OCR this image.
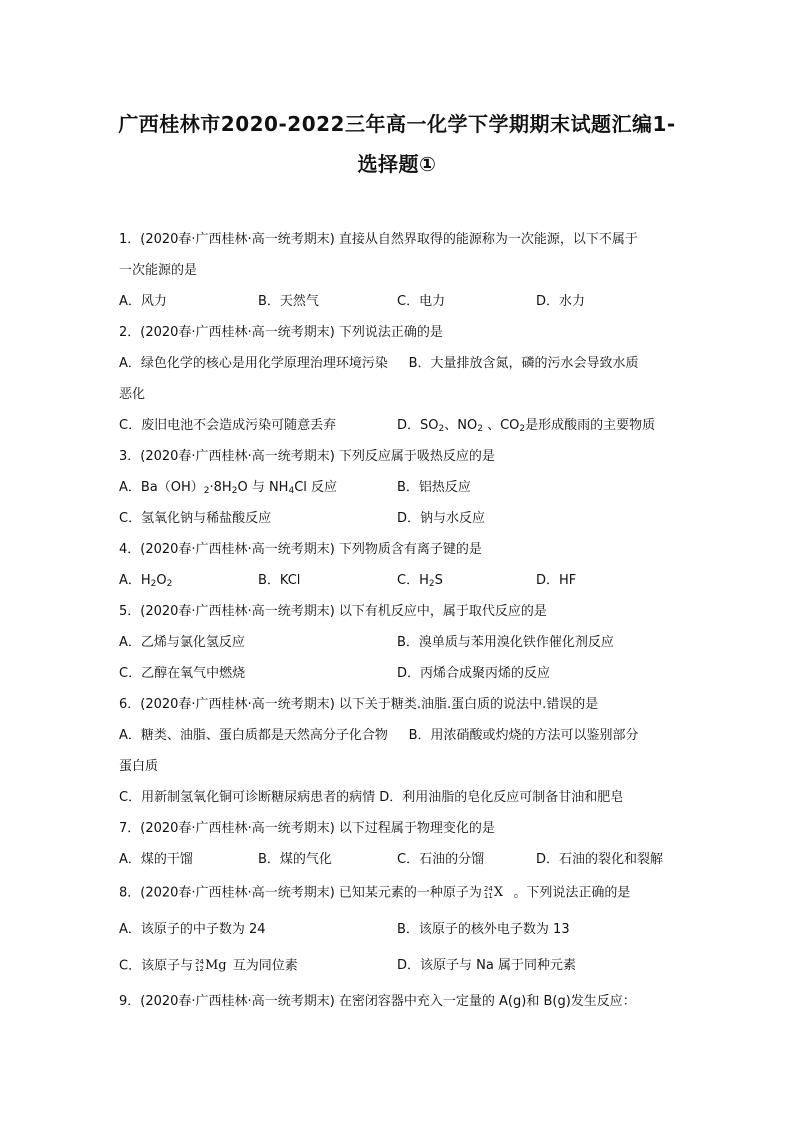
广西桂林市2020-2022三年高一化学下学期期末试题汇编1-
选择题①
1．(2020春·广西桂林·高一统考期末) 直接从自然界取得的能源称为一次能源，以下不属于
一次能源的是
A．风力	B．天然气	C．电力	D．水力
2．(2020春·广西桂林·高一统考期末) 下列说法正确的是
A．绿色化学的核心是用化学原理治理环境污染 B．大量排放含氮，磷的污水会导致水质
恶化
C．废旧电池不会造成污染可随意丢弃	D．$SO_2$、$NO_2$ 、$CO_2$是形成酸雨的主要物质
3．(2020春·广西桂林·高一统考期末) 下列反应属于吸热反应的是
A．$Ba(OH)_2\cdot 8H_2O$ 与 $NH_4Cl$ 反应	B．铝热反应
C．氢氧化钠与稀盐酸反应	D．钠与水反应
4．(2020春·广西桂林·高一统考期末) 下列物质含有离子键的是
A．$H_2O_2$	B．KCl	C．$H_2S$	D．HF
5．(2020春·广西桂林·高一统考期末) 以下有机反应中，属于取代反应的是
A．乙烯与氯化氢反应	B．溴单质与苯用溴化铁作催化剂反应
C．乙醇在氧气中燃烧	D．丙烯合成聚丙烯的反应
6．(2020春·广西桂林·高一统考期末) 以下关于糖类.油脂.蛋白质的说法中.错误的是
A．糖类、油脂、蛋白质都是天然高分子化合物 B．用浓硝酸或灼烧的方法可以鉴别部分
蛋白质
C．用新制氢氧化铜可诊断糖尿病患者的病情 D．利用油脂的皂化反应可制备甘油和肥皂
7．(2020春·广西桂林·高一统考期末) 以下过程属于物理变化的是
A．煤的干馏	B．煤的气化	C．石油的分馏	D．石油的裂化和裂解
8．(2020春·广西桂林·高一统考期末) 已知某元素的一种原子为 24
11 X 。下列说法正确的是
A．该原子的中子数为 24	B．该原子的核外电子数为 13
C．该原子与 24
12 Mg 互为同位素	D．该原子与 Na 属于同种元素
9．(2020春·广西桂林·高一统考期末) 在密闭容器中充入一定量的 A(g)和 B(g)发生反应：
